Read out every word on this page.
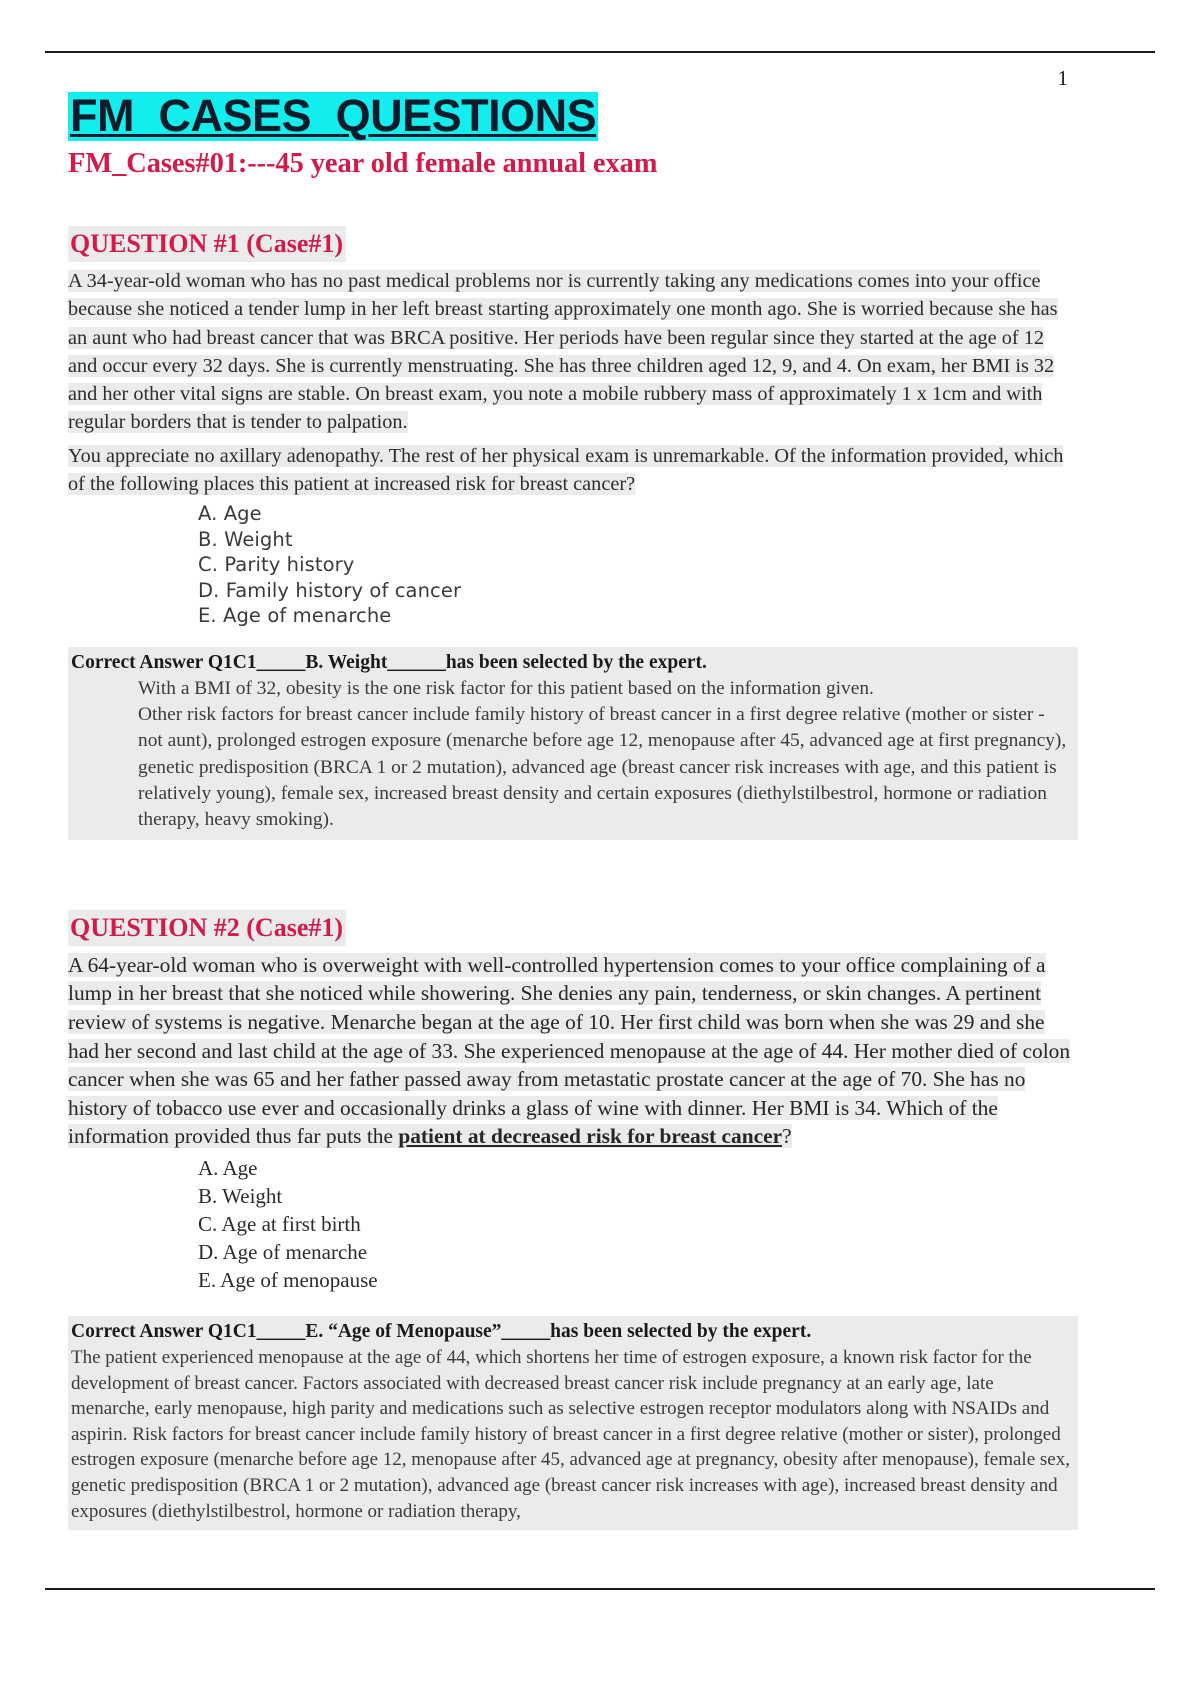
1
FM_CASES_QUESTIONS
FM_Cases#01:---45 year old female annual exam
QUESTION #1 (Case#1)
A 34-year-old woman who has no past medical problems nor is currently taking any medications comes into your office because she noticed a tender lump in her left breast starting approximately one month ago. She is worried because she has an aunt who had breast cancer that was BRCA positive. Her periods have been regular since they started at the age of 12 and occur every 32 days. She is currently menstruating. She has three children aged 12, 9, and 4. On exam, her BMI is 32 and her other vital signs are stable. On breast exam, you note a mobile rubbery mass of approximately 1 x 1cm and with regular borders that is tender to palpation.
You appreciate no axillary adenopathy. The rest of her physical exam is unremarkable. Of the information provided, which of the following places this patient at increased risk for breast cancer?
A. Age
B. Weight
C. Parity history
D. Family history of cancer
E. Age of menarche
Correct Answer Q1C1_____B. Weight______has been selected by the expert.

With a BMI of 32, obesity is the one risk factor for this patient based on the information given.

Other risk factors for breast cancer include family history of breast cancer in a first degree relative (mother or sister - not aunt), prolonged estrogen exposure (menarche before age 12, menopause after 45, advanced age at first pregnancy), genetic predisposition (BRCA 1 or 2 mutation), advanced age (breast cancer risk increases with age, and this patient is relatively young), female sex, increased breast density and certain exposures (diethylstilbestrol, hormone or radiation therapy, heavy smoking).

QUESTION #2 (Case#1)
A 64-year-old woman who is overweight with well-controlled hypertension comes to your office complaining of a lump in her breast that she noticed while showering. She denies any pain, tenderness, or skin changes. A pertinent review of systems is negative. Menarche began at the age of 10. Her first child was born when she was 29 and she had her second and last child at the age of 33. She experienced menopause at the age of 44. Her mother died of colon cancer when she was 65 and her father passed away from metastatic prostate cancer at the age of 70. She has no history of tobacco use ever and occasionally drinks a glass of wine with dinner. Her BMI is 34. Which of the information provided thus far puts the patient at decreased risk for breast cancer?
A. Age
B. Weight
C. Age at first birth
D. Age of menarche
E. Age of menopause
Correct Answer Q1C1_____E. “Age of Menopause”_____has been selected by the expert.

The patient experienced menopause at the age of 44, which shortens her time of estrogen exposure, a known risk factor for the development of breast cancer. Factors associated with decreased breast cancer risk include pregnancy at an early age, late menarche, early menopause, high parity and medications such as selective estrogen receptor modulators along with NSAIDs and aspirin. Risk factors for breast cancer include family history of breast cancer in a first degree relative (mother or sister), prolonged estrogen exposure (menarche before age 12, menopause after 45, advanced age at pregnancy, obesity after menopause), female sex, genetic predisposition (BRCA 1 or 2 mutation), advanced age (breast cancer risk increases with age), increased breast density and exposures (diethylstilbestrol, hormone or radiation therapy,
